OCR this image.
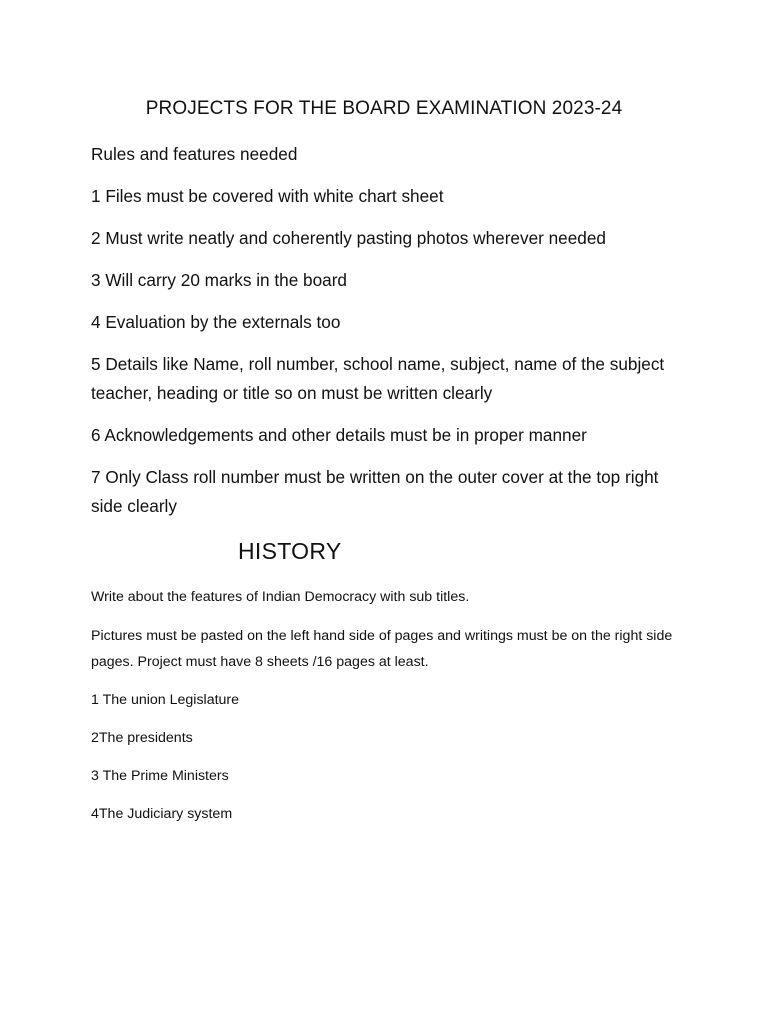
PROJECTS FOR THE BOARD EXAMINATION 2023-24

Rules and features needed

1 Files must be covered with white chart sheet

2 Must write neatly and coherently pasting photos wherever needed

3 Will carry 20 marks in the board

4 Evaluation by the externals too

5 Details like Name, roll number, school name, subject, name of the subject teacher, heading or title so on must be written clearly

6 Acknowledgements and other details must be in proper manner

7 Only Class roll number must be written on the outer cover at the top right side clearly

HISTORY

Write about the features of Indian Democracy with sub titles.

Pictures must be pasted on the left hand side of pages and writings must be on the right side pages. Project must have 8 sheets /16 pages at least.

1 The union Legislature
2The presidents
3 The Prime Ministers
4The Judiciary system
